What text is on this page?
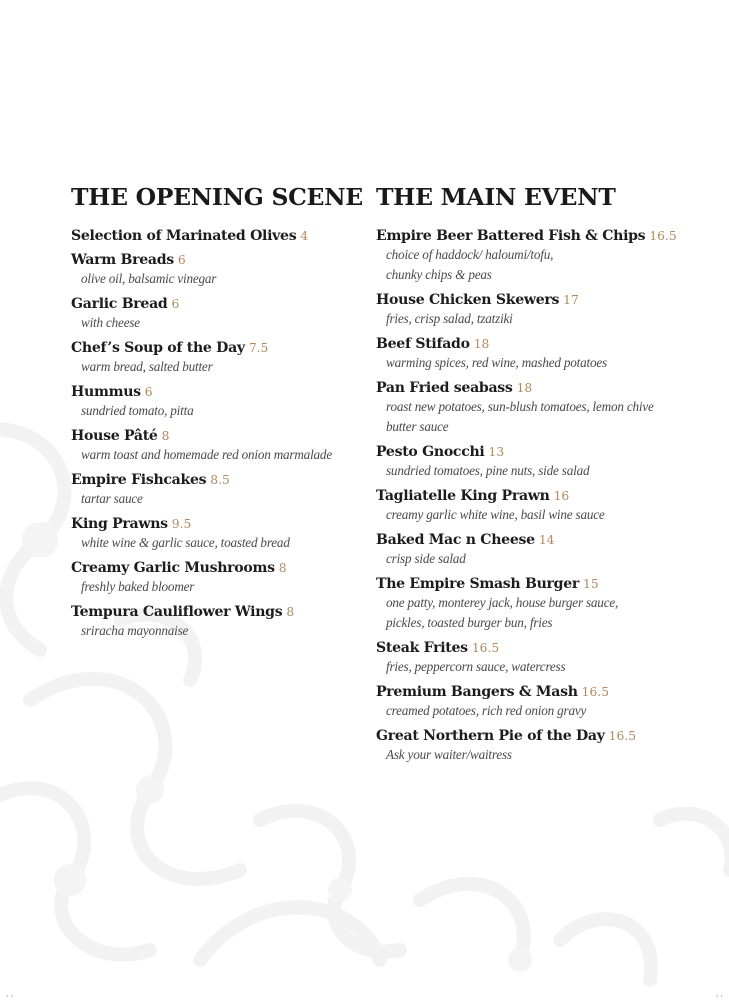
THE OPENING SCENE
Selection of Marinated Olives 4
Warm Breads 6
olive oil, balsamic vinegar
Garlic Bread 6
with cheese
Chef’s Soup of the Day 7.5
warm bread, salted butter
Hummus 6
sundried tomato, pitta
House Pâté 8
warm toast and homemade red onion marmalade
Empire Fishcakes 8.5
tartar sauce
King Prawns 9.5
white wine & garlic sauce, toasted bread
Creamy Garlic Mushrooms 8
freshly baked bloomer
Tempura Cauliflower Wings 8
sriracha mayonnaise
THE MAIN EVENT
Empire Beer Battered Fish & Chips 16.5
choice of haddock/ haloumi/tofu,
chunky chips & peas
House Chicken Skewers 17
fries, crisp salad, tzatziki
Beef Stifado 18
warming spices, red wine, mashed potatoes
Pan Fried seabass 18
roast new potatoes, sun-blush tomatoes, lemon chive
butter sauce
Pesto Gnocchi 13
sundried tomatoes, pine nuts, side salad
Tagliatelle King Prawn 16
creamy garlic white wine, basil wine sauce
Baked Mac n Cheese 14
crisp side salad
The Empire Smash Burger 15
one patty, monterey jack, house burger sauce,
pickles, toasted burger bun, fries
Steak Frites 16.5
fries, peppercorn sauce, watercress
Premium Bangers & Mash 16.5
creamed potatoes, rich red onion gravy
Great Northern Pie of the Day 16.5
Ask your waiter/waitress
' '	' '
